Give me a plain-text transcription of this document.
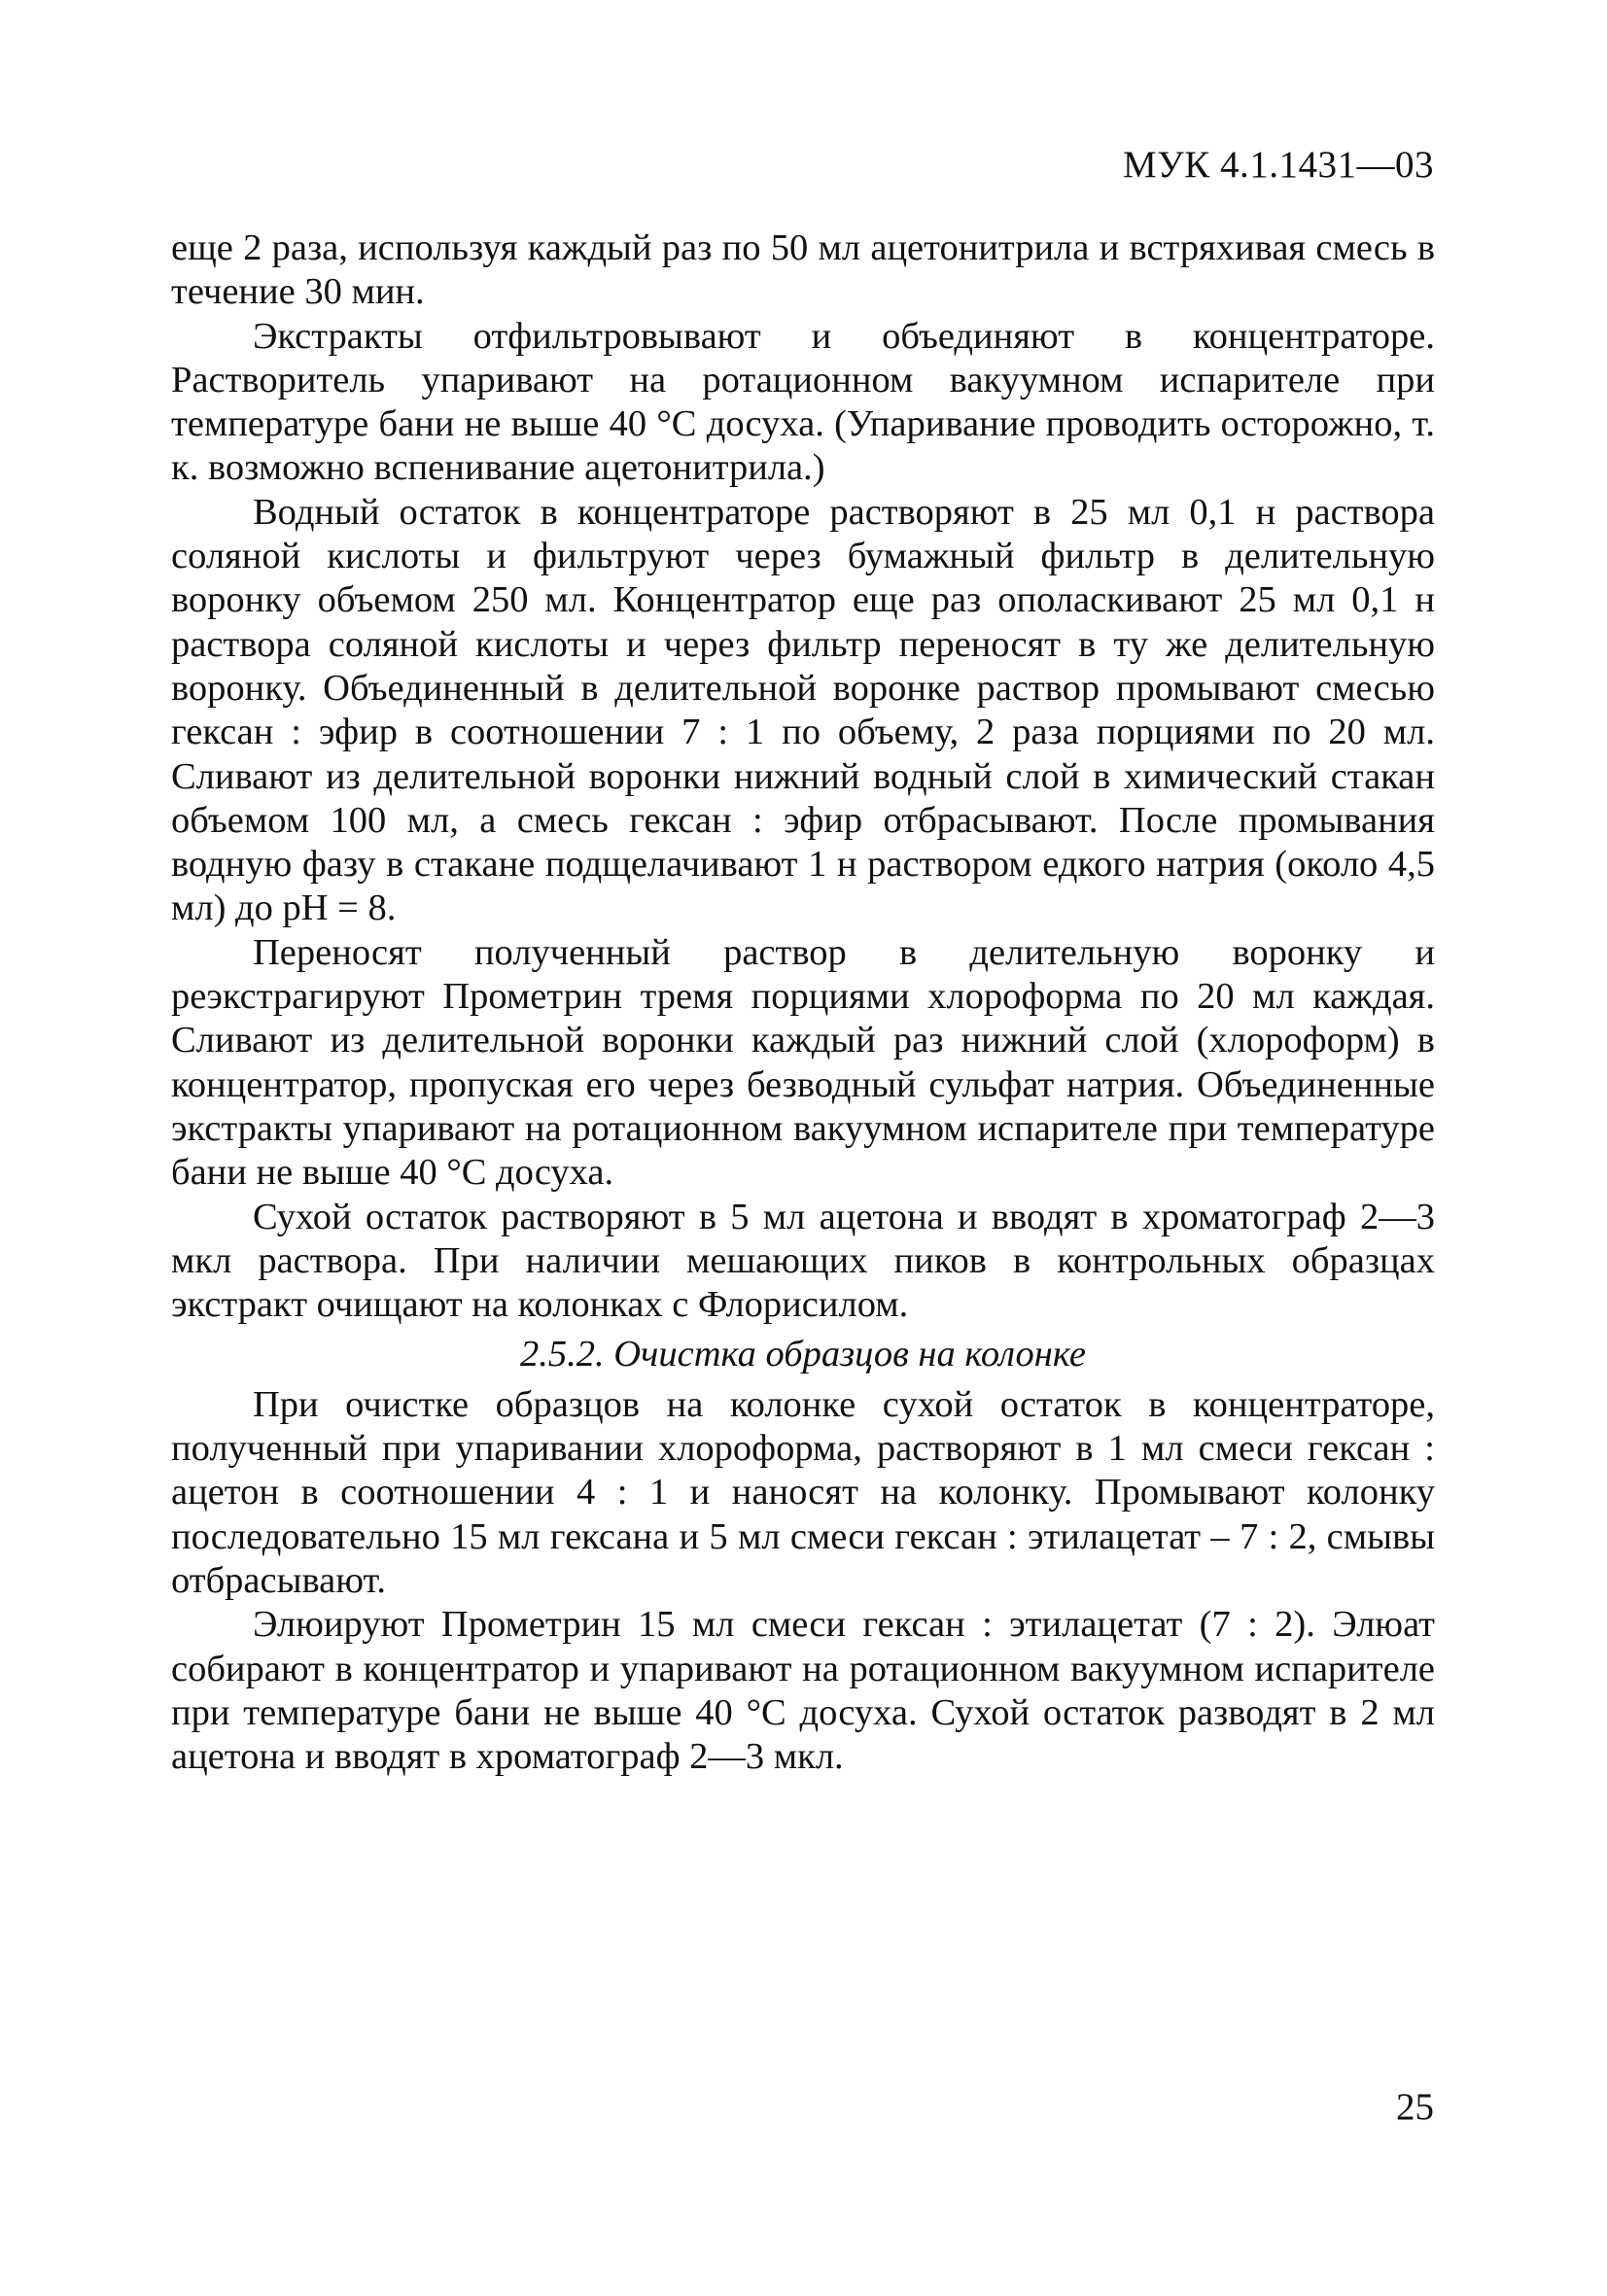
МУК 4.1.1431—03

еще 2 раза, используя каждый раз по 50 мл ацетонитрила и встряхивая смесь в течение 30 мин.

Экстракты отфильтровывают и объединяют в концентраторе. Растворитель упаривают на ротационном вакуумном испарителе при температуре бани не выше 40 °С досуха. (Упаривание проводить осторожно, т. к. возможно вспенивание ацетонитрила.)

Водный остаток в концентраторе растворяют в 25 мл 0,1 н раствора соляной кислоты и фильтруют через бумажный фильтр в делительную воронку объемом 250 мл. Концентратор еще раз ополаскивают 25 мл 0,1 н раствора соляной кислоты и через фильтр переносят в ту же делительную воронку. Объединенный в делительной воронке раствор промывают смесью гексан : эфир в соотношении 7 : 1 по объему, 2 раза порциями по 20 мл. Сливают из делительной воронки нижний водный слой в химический стакан объемом 100 мл, а смесь гексан : эфир отбрасывают. После промывания водную фазу в стакане подщелачивают 1 н раствором едкого натрия (около 4,5 мл) до pH = 8.

Переносят полученный раствор в делительную воронку и реэкстрагируют Прометрин тремя порциями хлороформа по 20 мл каждая. Сливают из делительной воронки каждый раз нижний слой (хлороформ) в концентратор, пропуская его через безводный сульфат натрия. Объединенные экстракты упаривают на ротационном вакуумном испарителе при температуре бани не выше 40 °С досуха.

Сухой остаток растворяют в 5 мл ацетона и вводят в хроматограф 2—3 мкл раствора. При наличии мешающих пиков в контрольных образцах экстракт очищают на колонках с Флорисилом.

2.5.2. Очистка образцов на колонке

При очистке образцов на колонке сухой остаток в концентраторе, полученный при упаривании хлороформа, растворяют в 1 мл смеси гексан : ацетон в соотношении 4 : 1 и наносят на колонку. Промывают колонку последовательно 15 мл гексана и 5 мл смеси гексан : этилацетат – 7 : 2, смывы отбрасывают.

Элюируют Прометрин 15 мл смеси гексан : этилацетат (7 : 2). Элюат собирают в концентратор и упаривают на ротационном вакуумном испарителе при температуре бани не выше 40 °С досуха. Сухой остаток разводят в 2 мл ацетона и вводят в хроматограф 2—3 мкл.

25
